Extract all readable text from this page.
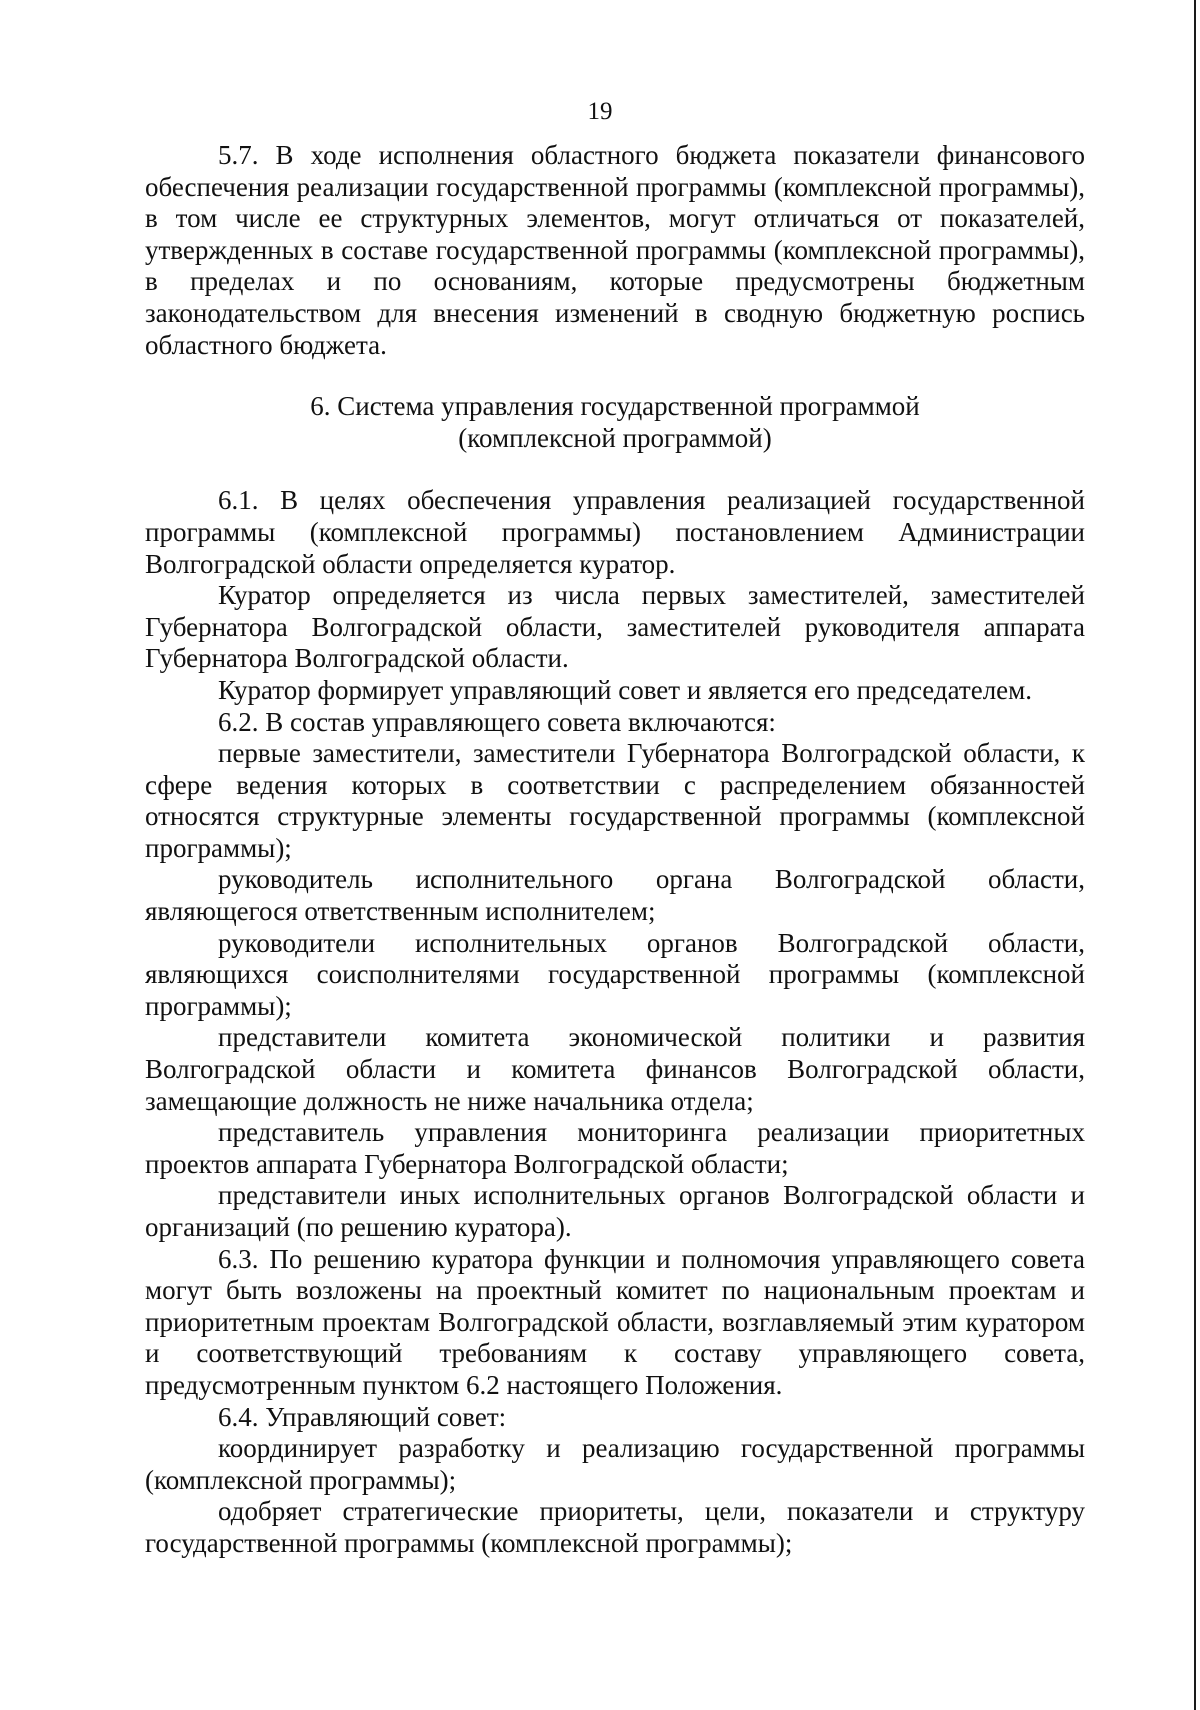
19

5.7. В ходе исполнения областного бюджета показатели финансового обеспечения реализации государственной программы (комплексной программы), в том числе ее структурных элементов, могут отличаться от показателей, утвержденных в составе государственной программы (комплексной программы), в пределах и по основаниям, которые предусмотрены бюджетным законодательством для внесения изменений в сводную бюджетную роспись областного бюджета.

6. Система управления государственной программой

(комплексной программой)

6.1. В целях обеспечения управления реализацией государственной программы (комплексной программы) постановлением Администрации Волгоградской области определяется куратор.

Куратор определяется из числа первых заместителей, заместителей Губернатора Волгоградской области, заместителей руководителя аппарата Губернатора Волгоградской области.

Куратор формирует управляющий совет и является его председателем.

6.2. В состав управляющего совета включаются:

первые заместители, заместители Губернатора Волгоградской области, к сфере ведения которых в соответствии с распределением обязанностей относятся структурные элементы государственной программы (комплексной программы);

руководитель исполнительного органа Волгоградской области, являющегося ответственным исполнителем;

руководители исполнительных органов Волгоградской области, являющихся соисполнителями государственной программы (комплексной программы);

представители комитета экономической политики и развития Волгоградской области и комитета финансов Волгоградской области, замещающие должность не ниже начальника отдела;

представитель управления мониторинга реализации приоритетных проектов аппарата Губернатора Волгоградской области;

представители иных исполнительных органов Волгоградской области и организаций (по решению куратора).

6.3. По решению куратора функции и полномочия управляющего совета могут быть возложены на проектный комитет по национальным проектам и приоритетным проектам Волгоградской области, возглавляемый этим куратором и соответствующий требованиям к составу управляющего совета, предусмотренным пунктом 6.2 настоящего Положения.

6.4. Управляющий совет:

координирует разработку и реализацию государственной программы (комплексной программы);

одобряет стратегические приоритеты, цели, показатели и структуру государственной программы (комплексной программы);
